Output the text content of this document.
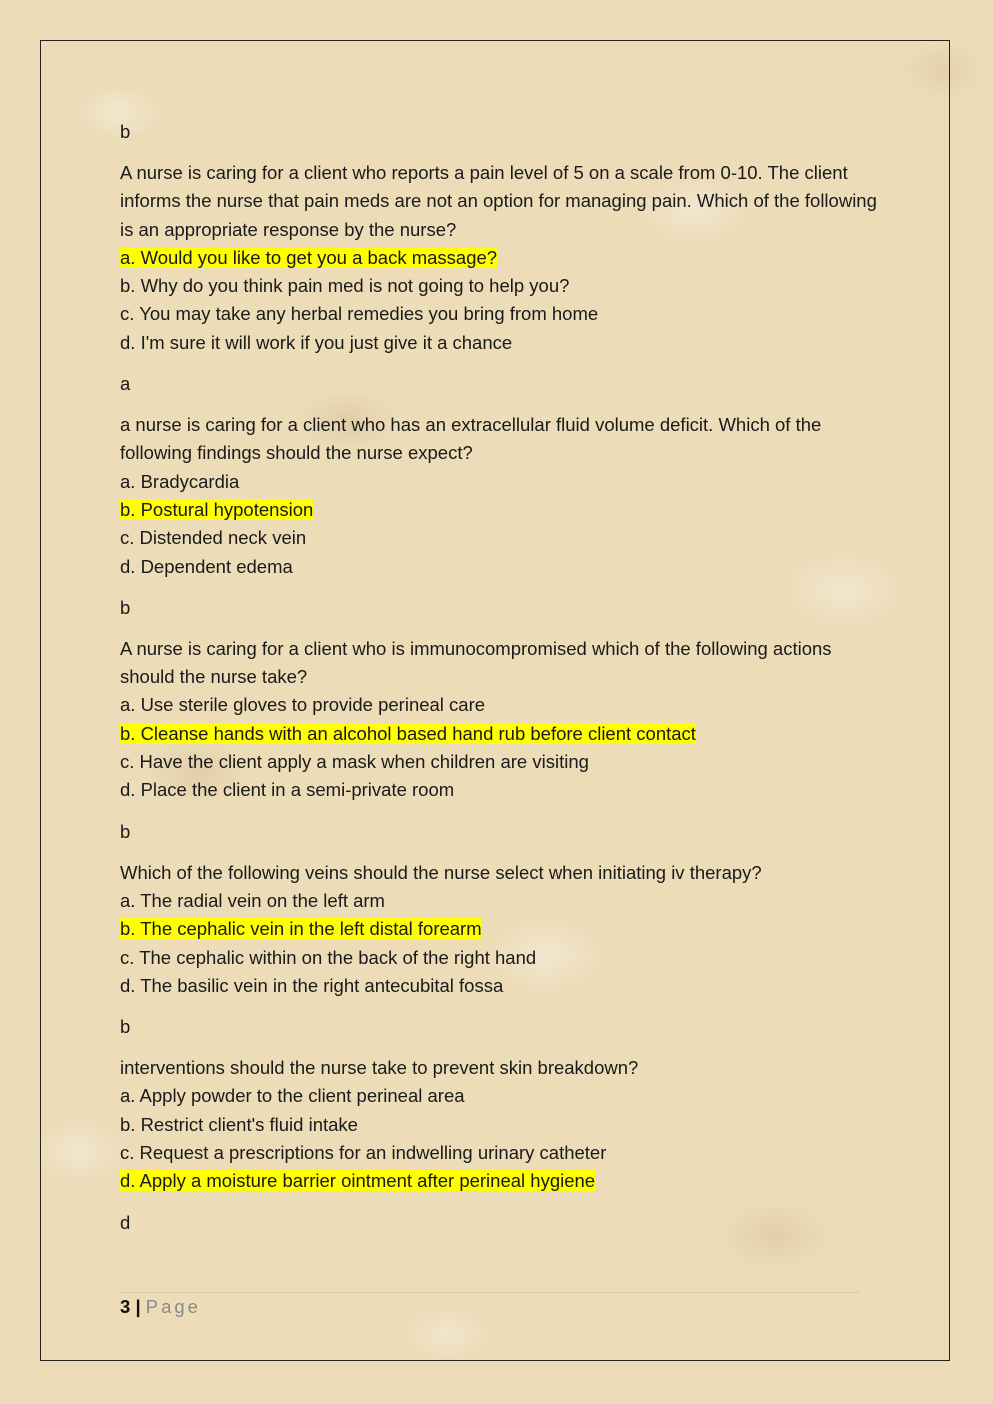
b

A nurse is caring for a client who reports a pain level of 5 on a scale from 0-10. The client informs the nurse that pain meds are not an option for managing pain. Which of the following is an appropriate response by the nurse?

a. Would you like to get you a back massage?

b. Why do you think pain med is not going to help you?

c. You may take any herbal remedies you bring from home

d. I'm sure it will work if you just give it a chance

a

a nurse is caring for a client who has an extracellular fluid volume deficit. Which of the following findings should the nurse expect?

a. Bradycardia

b. Postural hypotension

c. Distended neck vein

d. Dependent edema

b

A nurse is caring for a client who is immunocompromised which of the following actions should the nurse take?

a. Use sterile gloves to provide perineal care

b. Cleanse hands with an alcohol based hand rub before client contact

c. Have the client apply a mask when children are visiting

d. Place the client in a semi-private room

b

Which of the following veins should the nurse select when initiating iv therapy?

a. The radial vein on the left arm

b. The cephalic vein in the left distal forearm

c. The cephalic within on the back of the right hand

d. The basilic vein in the right antecubital fossa

b

interventions should the nurse take to prevent skin breakdown?

a. Apply powder to the client perineal area

b. Restrict client's fluid intake

c. Request a prescriptions for an indwelling urinary catheter

d. Apply a moisture barrier ointment after perineal hygiene

d

3 | Page
